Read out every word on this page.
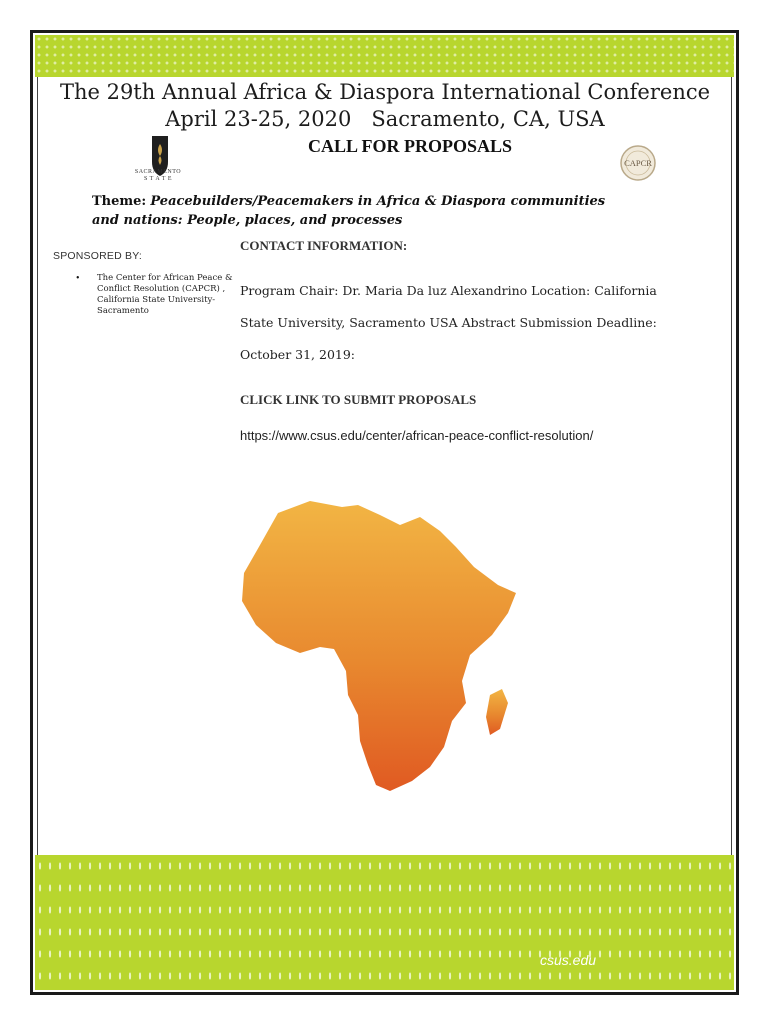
The 29th Annual Africa & Diaspora International Conference
April 23-25, 2020   Sacramento, CA, USA
CALL FOR PROPOSALS
SACRAMENTO
S T A T E
CAPCR
Theme: Peacebuilders/Peacemakers in Africa & Diaspora communities and nations: People, places, and processes
SPONSORED BY:
• The Center for African Peace & Conflict Resolution (CAPCR) , California State University-Sacramento
CONTACT INFORMATION:
Program Chair: Dr. Maria Da luz Alexandrino Location: California State University, Sacramento USA Abstract Submission Deadline: October 31, 2019:
CLICK LINK TO SUBMIT PROPOSALS
https://www.csus.edu/center/african-peace-conflict-resolution/
csus.edu
